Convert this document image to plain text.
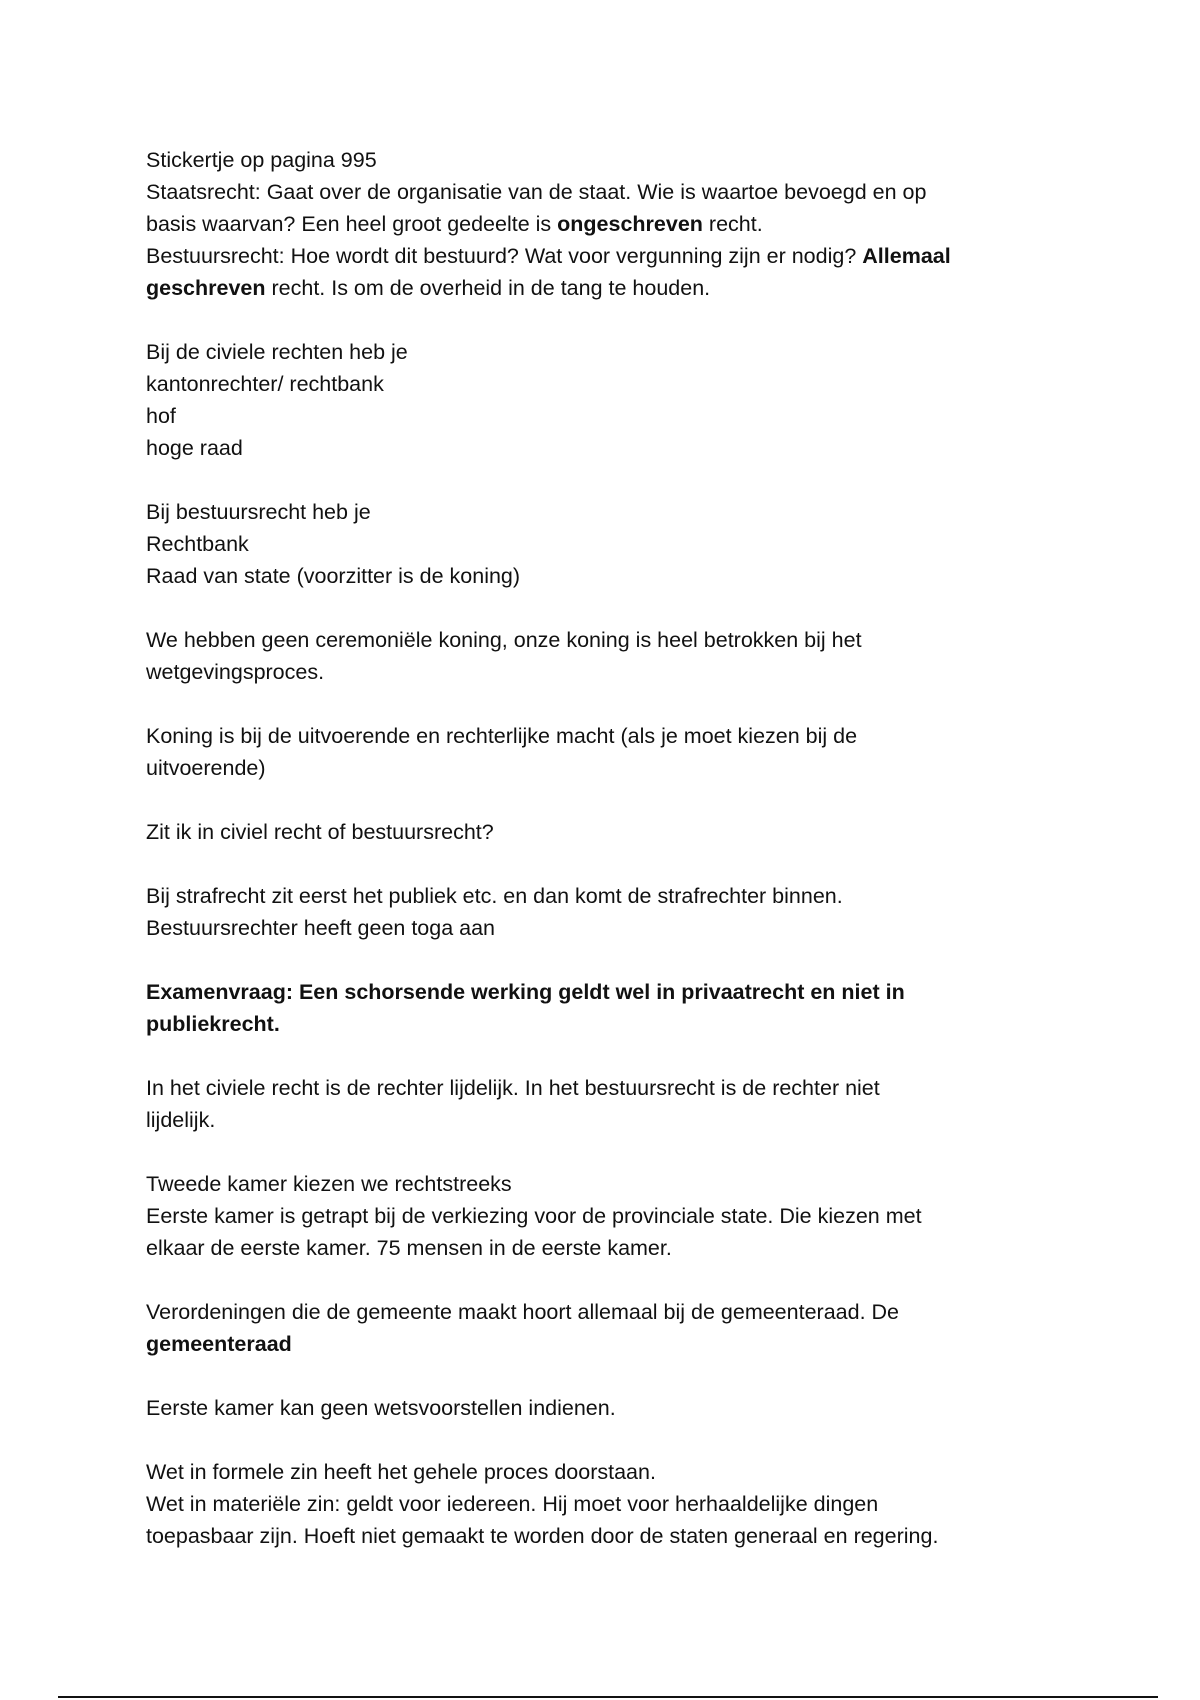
Stickertje op pagina 995
Staatsrecht: Gaat over de organisatie van de staat. Wie is waartoe bevoegd en op
basis waarvan? Een heel groot gedeelte is ongeschreven recht.
Bestuursrecht: Hoe wordt dit bestuurd? Wat voor vergunning zijn er nodig? Allemaal
geschreven recht. Is om de overheid in de tang te houden.
Bij de civiele rechten heb je
kantonrechter/ rechtbank
hof
hoge raad
Bij bestuursrecht heb je
Rechtbank
Raad van state (voorzitter is de koning)
We hebben geen ceremoniële koning, onze koning is heel betrokken bij het
wetgevingsproces.
Koning is bij de uitvoerende en rechterlijke macht (als je moet kiezen bij de
uitvoerende)
Zit ik in civiel recht of bestuursrecht?
Bij strafrecht zit eerst het publiek etc. en dan komt de strafrechter binnen.
Bestuursrechter heeft geen toga aan
Examenvraag: Een schorsende werking geldt wel in privaatrecht en niet in
publiekrecht.
In het civiele recht is de rechter lijdelijk. In het bestuursrecht is de rechter niet
lijdelijk.
Tweede kamer kiezen we rechtstreeks
Eerste kamer is getrapt bij de verkiezing voor de provinciale state. Die kiezen met
elkaar de eerste kamer. 75 mensen in de eerste kamer.
Verordeningen die de gemeente maakt hoort allemaal bij de gemeenteraad. De
gemeenteraad
Eerste kamer kan geen wetsvoorstellen indienen.
Wet in formele zin heeft het gehele proces doorstaan.
Wet in materiële zin: geldt voor iedereen. Hij moet voor herhaaldelijke dingen
toepasbaar zijn. Hoeft niet gemaakt te worden door de staten generaal en regering.
